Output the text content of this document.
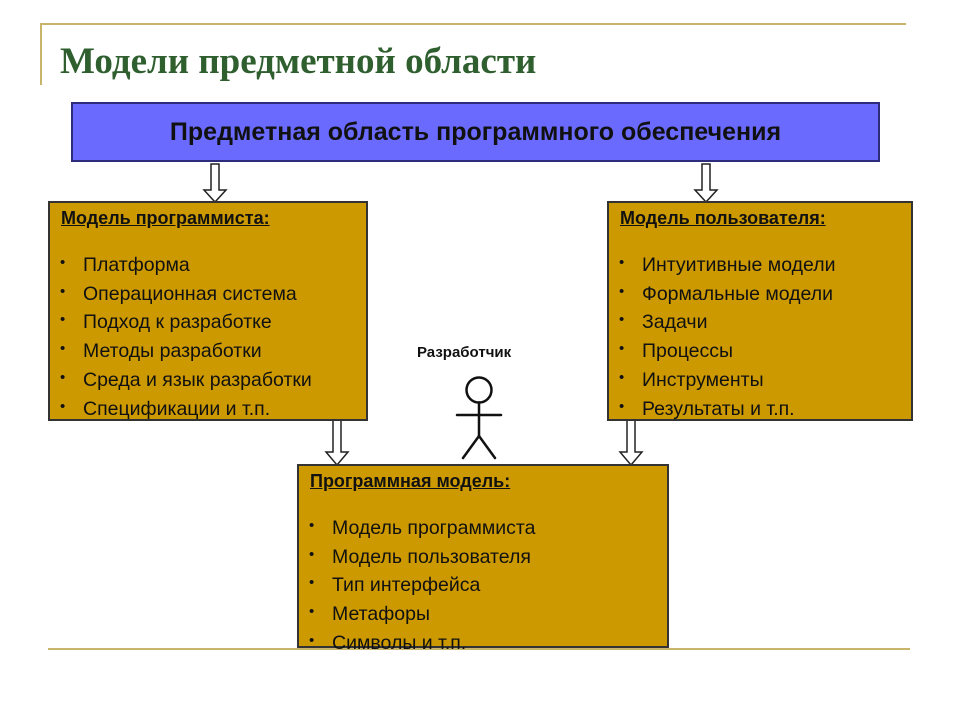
Модели предметной области
Предметная область программного обеспечения
Разработчик
Модель программиста:
• Платформа
• Операционная система
• Подход к разработке
• Методы разработки
• Среда и язык разработки
• Спецификации и т.п.
Модель пользователя:
• Интуитивные модели
• Формальные модели
• Задачи
• Процессы
• Инструменты
• Результаты и т.п.
Программная модель:
• Модель программиста
• Модель пользователя
• Тип интерфейса
• Метафоры
• Символы и т.п.
